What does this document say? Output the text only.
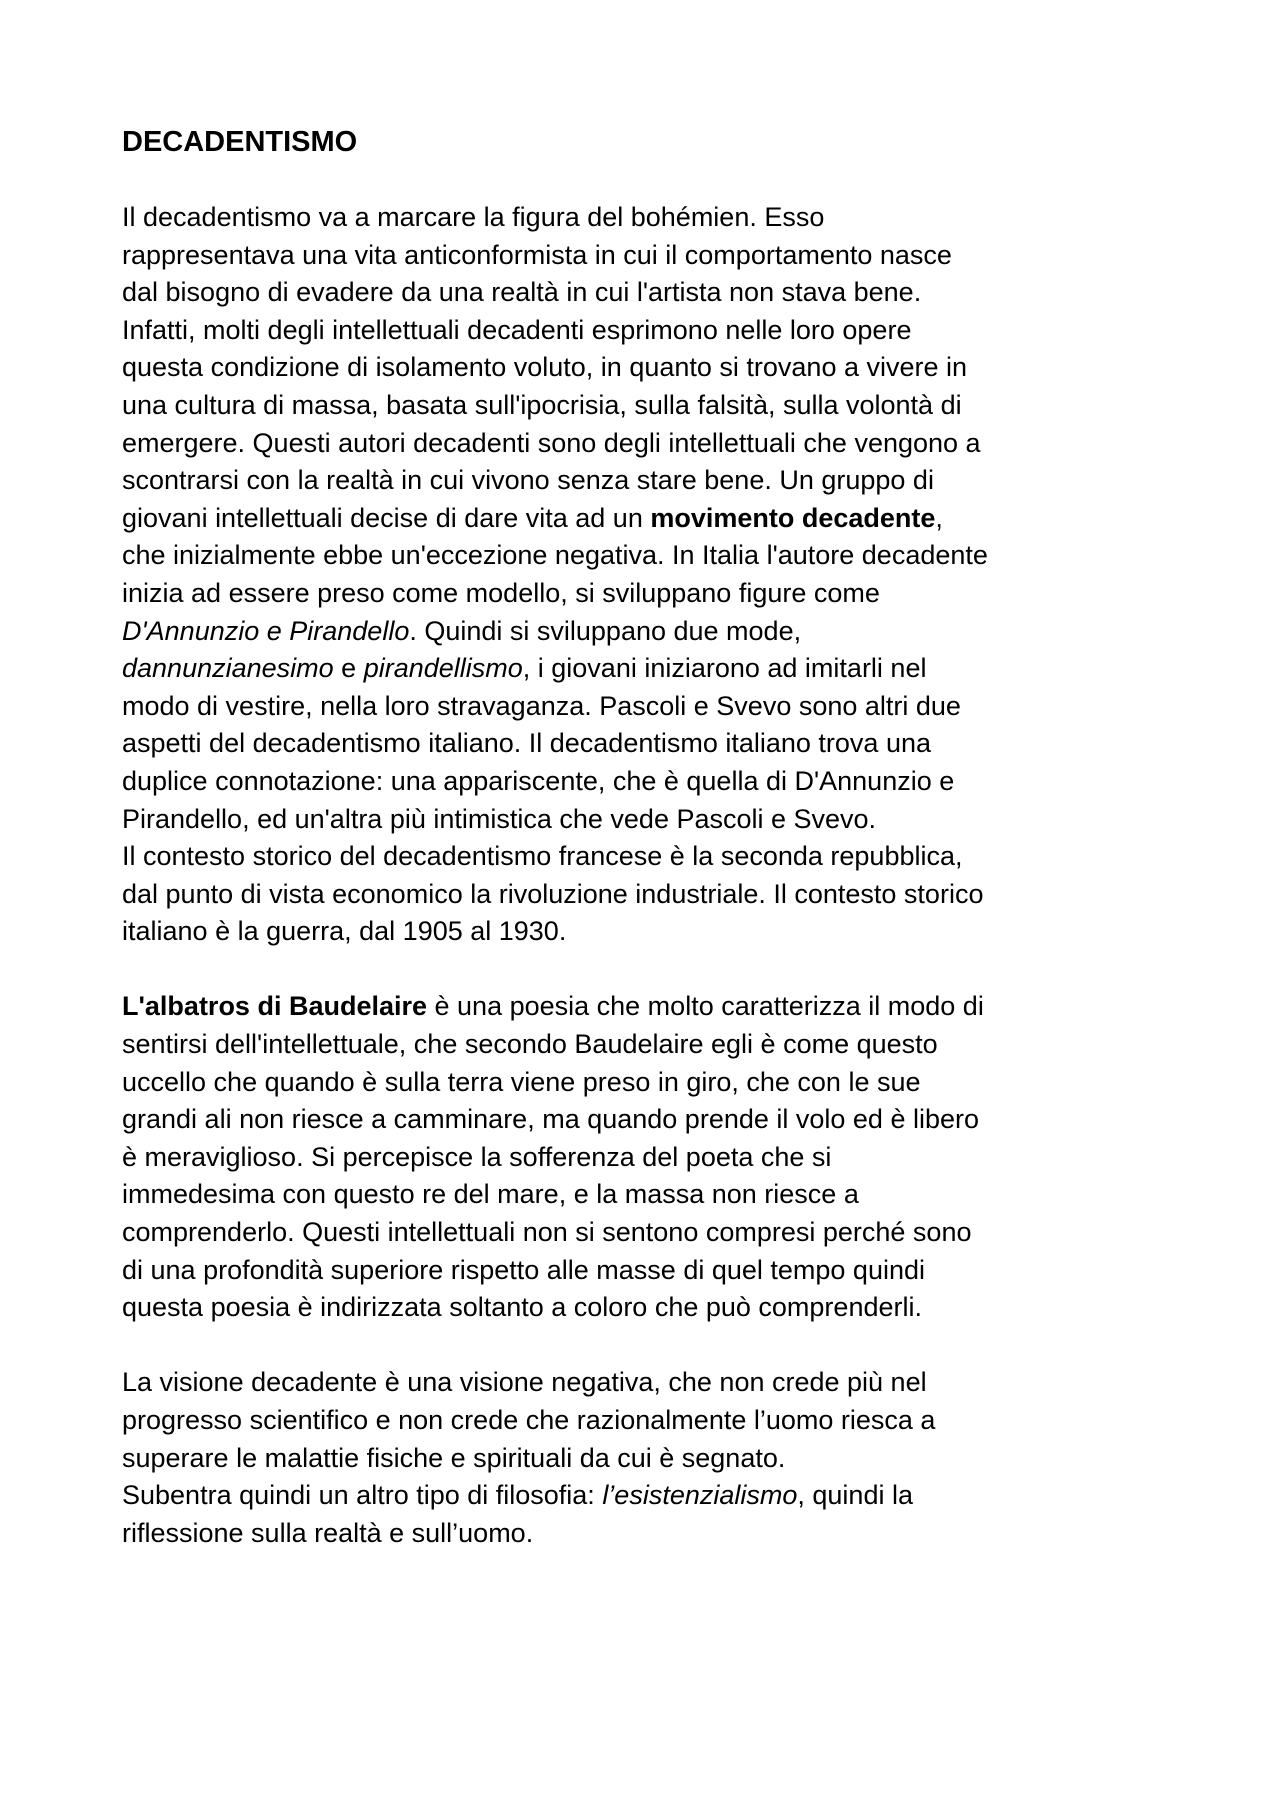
DECADENTISMO

Il decadentismo va a marcare la figura del bohémien. Esso
rappresentava una vita anticonformista in cui il comportamento nasce
dal bisogno di evadere da una realtà in cui l'artista non stava bene.
Infatti, molti degli intellettuali decadenti esprimono nelle loro opere
questa condizione di isolamento voluto, in quanto si trovano a vivere in
una cultura di massa, basata sull'ipocrisia, sulla falsità, sulla volontà di
emergere. Questi autori decadenti sono degli intellettuali che vengono a
scontrarsi con la realtà in cui vivono senza stare bene. Un gruppo di
giovani intellettuali decise di dare vita ad un movimento decadente,
che inizialmente ebbe un'eccezione negativa. In Italia l'autore decadente
inizia ad essere preso come modello, si sviluppano figure come
D'Annunzio e Pirandello. Quindi si sviluppano due mode,
dannunzianesimo e pirandellismo, i giovani iniziarono ad imitarli nel
modo di vestire, nella loro stravaganza. Pascoli e Svevo sono altri due
aspetti del decadentismo italiano. Il decadentismo italiano trova una
duplice connotazione: una appariscente, che è quella di D'Annunzio e
Pirandello, ed un'altra più intimistica che vede Pascoli e Svevo.
Il contesto storico del decadentismo francese è la seconda repubblica,
dal punto di vista economico la rivoluzione industriale. Il contesto storico
italiano è la guerra, dal 1905 al 1930.

L'albatros di Baudelaire è una poesia che molto caratterizza il modo di
sentirsi dell'intellettuale, che secondo Baudelaire egli è come questo
uccello che quando è sulla terra viene preso in giro, che con le sue
grandi ali non riesce a camminare, ma quando prende il volo ed è libero
è meraviglioso. Si percepisce la sofferenza del poeta che si
immedesima con questo re del mare, e la massa non riesce a
comprenderlo. Questi intellettuali non si sentono compresi perché sono
di una profondità superiore rispetto alle masse di quel tempo quindi
questa poesia è indirizzata soltanto a coloro che può comprenderli.

La visione decadente è una visione negativa, che non crede più nel
progresso scientifico e non crede che razionalmente l’uomo riesca a
superare le malattie fisiche e spirituali da cui è segnato.
Subentra quindi un altro tipo di filosofia: l’esistenzialismo, quindi la
riflessione sulla realtà e sull’uomo.
